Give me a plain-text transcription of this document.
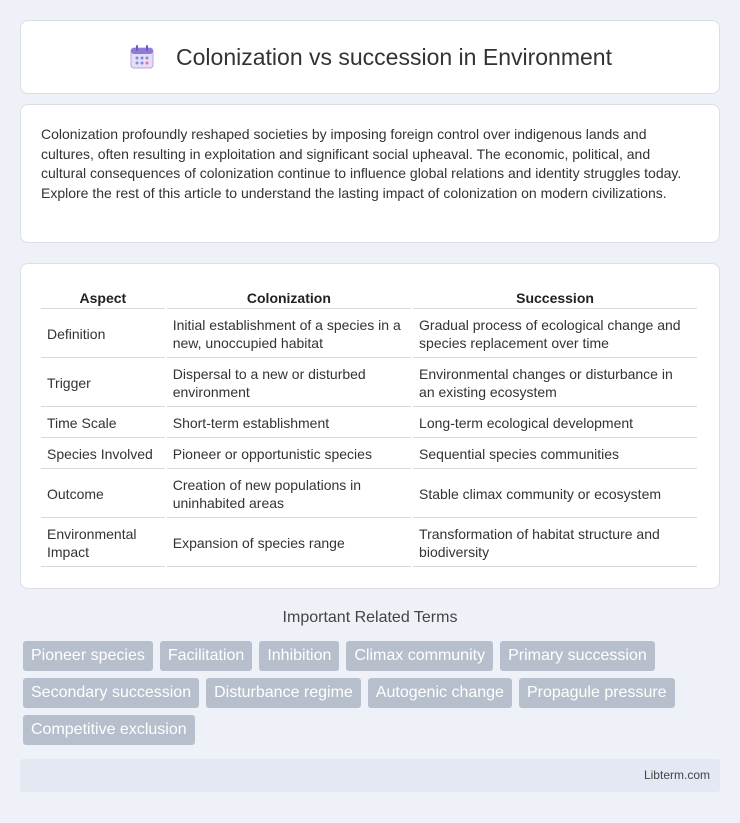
Colonization vs succession in Environment

Colonization profoundly reshaped societies by imposing foreign control over indigenous lands and cultures, often resulting in exploitation and significant social upheaval. The economic, political, and cultural consequences of colonization continue to influence global relations and identity struggles today. Explore the rest of this article to understand the lasting impact of colonization on modern civilizations.

Aspect	Colonization	Succession
Definition	Initial establishment of a species in a new, unoccupied habitat	Gradual process of ecological change and species replacement over time
Trigger	Dispersal to a new or disturbed environment	Environmental changes or disturbance in an existing ecosystem
Time Scale	Short-term establishment	Long-term ecological development
Species Involved	Pioneer or opportunistic species	Sequential species communities
Outcome	Creation of new populations in uninhabited areas	Stable climax community or ecosystem
Environmental Impact	Expansion of species range	Transformation of habitat structure and biodiversity
Important Related Terms
Pioneer species	Facilitation	Inhibition	Climax community	Primary succession
Secondary succession	Disturbance regime	Autogenic change	Propagule pressure
Competitive exclusion
Libterm.com
